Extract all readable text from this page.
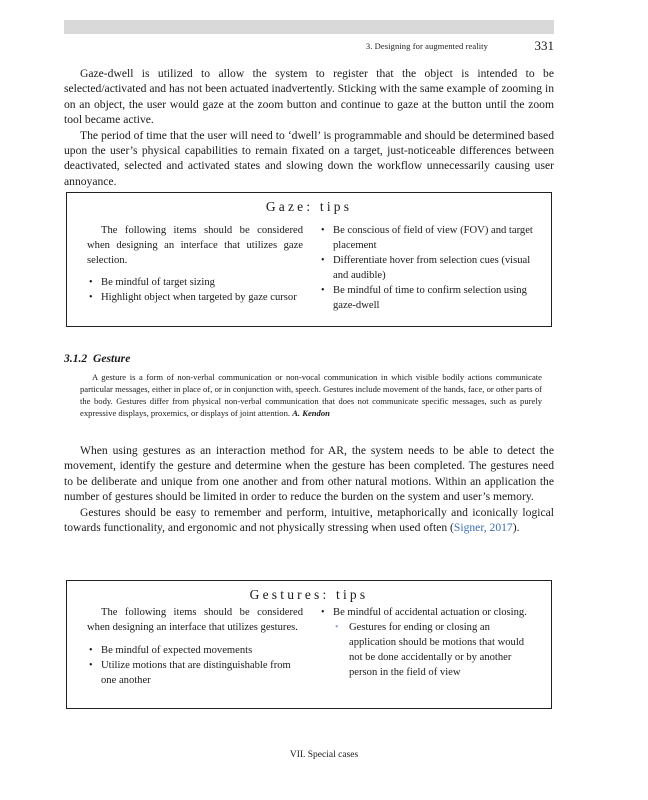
3. Designing for augmented reality	331

Gaze-dwell is utilized to allow the system to register that the object is intended to be selected/activated and has not been actuated inadvertently. Sticking with the same example of zooming in on an object, the user would gaze at the zoom button and continue to gaze at the button until the zoom tool became active.

The period of time that the user will need to ‘dwell’ is programmable and should be determined based upon the user’s physical capabilities to remain fixated on a target, just-noticeable differences between deactivated, selected and activated states and slowing down the workflow unnecessarily causing user annoyance.

Gaze: tips

The following items should be considered when designing an interface that utilizes gaze selection.

• Be mindful of target sizing
• Highlight object when targeted by gaze cursor
• Be conscious of field of view (FOV) and target placement
• Differentiate hover from selection cues (visual and audible)
• Be mindful of time to confirm selection using gaze-dwell
3.1.2 Gesture
A gesture is a form of non-verbal communication or non-vocal communication in which visible bodily actions communicate particular messages, either in place of, or in conjunction with, speech. Gestures include movement of the hands, face, or other parts of the body. Gestures differ from physical non-verbal communication that does not communicate specific messages, such as purely expressive displays, proxemics, or displays of joint attention. A. Kendon

When using gestures as an interaction method for AR, the system needs to be able to detect the movement, identify the gesture and determine when the gesture has been completed. The gestures need to be deliberate and unique from one another and from other natural motions. Within an application the number of gestures should be limited in order to reduce the burden on the system and user’s memory.

Gestures should be easy to remember and perform, intuitive, metaphorically and iconically logical towards functionality, and ergonomic and not physically stressing when used often (Signer, 2017).

Gestures: tips

The following items should be considered when designing an interface that utilizes gestures.

• Be mindful of expected movements
• Utilize motions that are distinguishable from one another
• Be mindful of accidental actuation or closing.
• Gestures for ending or closing an application should be motions that would not be done accidentally or by another person in the field of view
VII. Special cases
